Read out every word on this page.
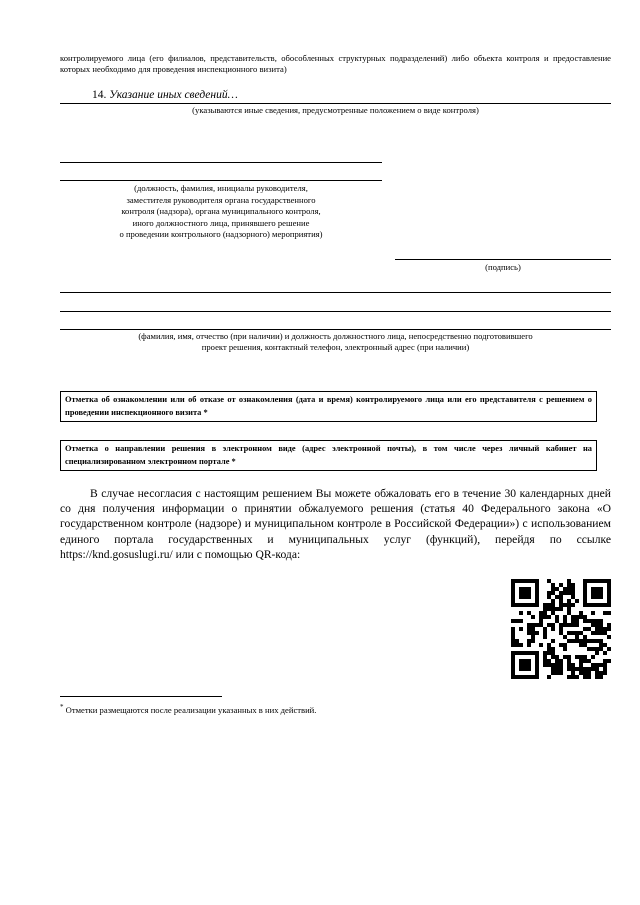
контролируемого лица (его филиалов, представительств, обособленных структурных подразделений) либо объекта контроля и предоставление которых необходимо для проведения инспекционного визита)
14. Указание иных сведений…
(указываются иные сведения, предусмотренные положением о виде контроля)
(должность, фамилия, инициалы руководителя,
заместителя руководителя органа государственного
контроля (надзора), органа муниципального контроля,
иного должностного лица, принявшего решение
о проведении контрольного (надзорного) мероприятия)
(подпись)
(фамилия, имя, отчество (при наличии) и должность должностного лица, непосредственно подготовившего
проект решения, контактный телефон, электронный адрес (при наличии)
Отметка об ознакомлении или об отказе от ознакомления (дата и время) контролируемого лица или его представителя с решением о проведении инспекционного визита *
Отметка о направлении решения в электронном виде (адрес электронной почты), в том числе через личный кабинет на специализированном электронном портале *
В случае несогласия с настоящим решением Вы можете обжаловать его в течение 30 календарных дней со дня получения информации о принятии обжалуемого решения (статья 40 Федерального закона «О государственном контроле (надзоре) и муниципальном контроле в Российской Федерации») с использованием единого портала государственных и муниципальных услуг (функций), перейдя по ссылке https://knd.gosuslugi.ru/ или с помощью QR-кода:
* Отметки размещаются после реализации указанных в них действий.
